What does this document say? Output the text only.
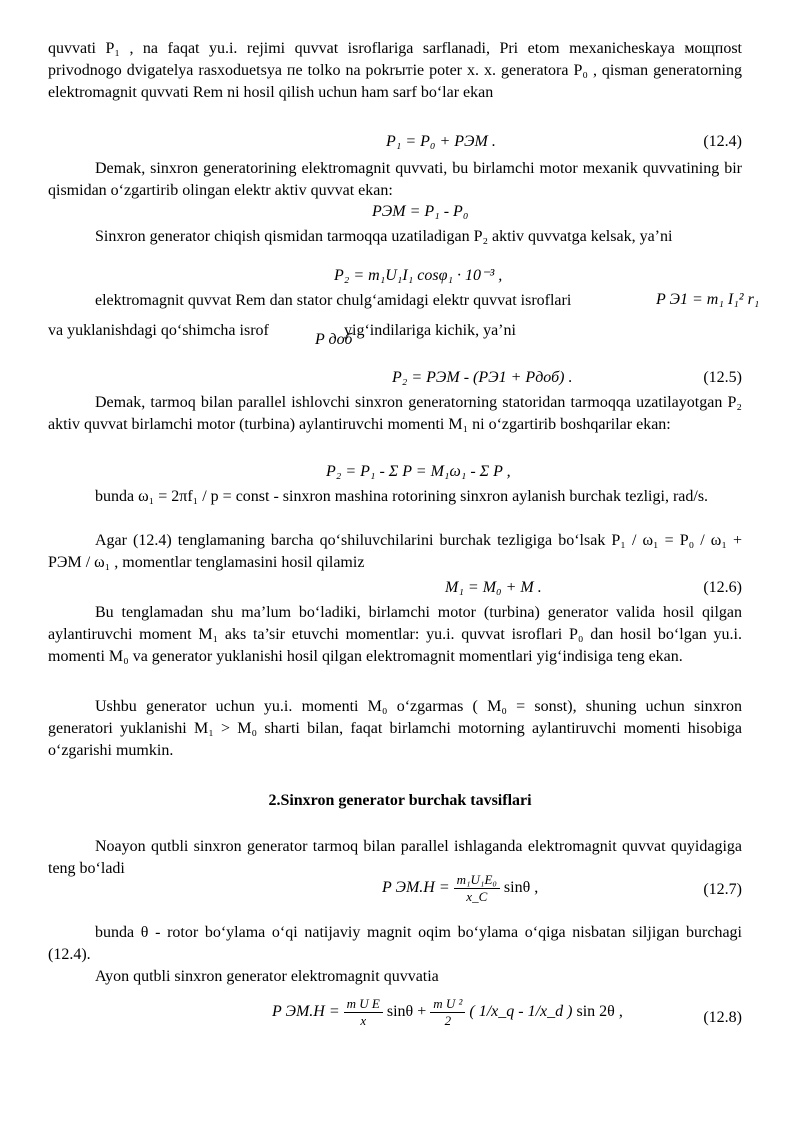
quvvati P₁ , na faqat yu.i. rejimi quvvat isroflariga sarflanadi, Pri etom mexanicheskaya мощпost privodnogo dvigatelya rasxoduetsya пe tolko na pokrытie poter x. x. generatora P₀ , qisman generatorning elektromagnit quvvati Rem ni hosil qilish uchun ham sarf bo‘lar ekan

P₁ = P₀ + PЭМ .	(12.4)

Demak, sinxron generatorining elektromagnit quvvati, bu birlamchi motor mexanik quvvatining bir qismidan o‘zgartirib olingan elektr aktiv quvvat ekan:

PЭМ = P₁ - P₀

Sinxron generator chiqish qismidan tarmoqqa uzatiladigan P₂ aktiv quvvatga kelsak, ya’ni

P₂ = m₁U₁I₁ cosφ₁ · 10⁻³ ,

elektromagnit quvvat Rem dan stator chulg‘amidagi elektr quvvat isroflari	P Э1 = m₁ I₁² r₁
va yuklanishdagi qo‘shimcha isrof
P доб
yig‘indilariga kichik, ya’ni
P₂ = PЭМ - (PЭ1 + Pдоб) .	(12.5)

Demak, tarmoq bilan parallel ishlovchi sinxron generatorning statoridan tarmoqqa uzatilayotgan P₂ aktiv quvvat birlamchi motor (turbina) aylantiruvchi momenti M₁ ni o‘zgartirib boshqarilar ekan:

P₂ = P₁ - Σ P = M₁ω₁ - Σ P ,

bunda ω₁ = 2πf₁ / p = const - sinxron mashina rotorining sinxron aylanish burchak tezligi, rad/s.

Agar (12.4) tenglamaning barcha qo‘shiluvchilarini burchak tezligiga bo‘lsak P₁ / ω₁ = P₀ / ω₁ + PЭМ / ω₁ , momentlar tenglamasini hosil qilamiz

M₁ = M₀ + M .	(12.6)

Bu tenglamadan shu ma’lum bo‘ladiki, birlamchi motor (turbina) generator valida hosil qilgan aylantiruvchi moment M₁ aks ta’sir etuvchi momentlar: yu.i. quvvat isroflari P₀ dan hosil bo‘lgan yu.i. momenti M₀ va generator yuklanishi hosil qilgan elektromagnit momentlari yig‘indisiga teng ekan.

Ushbu generator uchun yu.i. momenti M₀ o‘zgarmas ( M₀ = sonst), shuning uchun sinxron generatori yuklanishi M₁ > M₀ sharti bilan, faqat birlamchi motorning aylantiruvchi momenti hisobiga o‘zgarishi mumkin.

2.Sinxron generator burchak tavsiflari

Noayon qutbli sinxron generator tarmoq bilan parallel ishlaganda elektromagnit quvvat quyidagiga teng bo‘ladi

P $ЭМ.Н = \frac{\text{m₁U₁E₀}}{x\_C}$ sinθ ,	(12.7)

bunda θ - rotor bo‘ylama o‘qi natijaviy magnit oqim bo‘ylama o‘qiga nisbatan siljigan burchagi (12.4).

Ayon qutbli sinxron generator elektromagnit quvvatia

P $ЭМ.Н = \frac{\text{m U E}}{x}$ $\sin\theta + \frac{\text{m U ²}}{2}$ ( 1/x_q - 1/x_d ) sin 2θ ,	(12.8)
